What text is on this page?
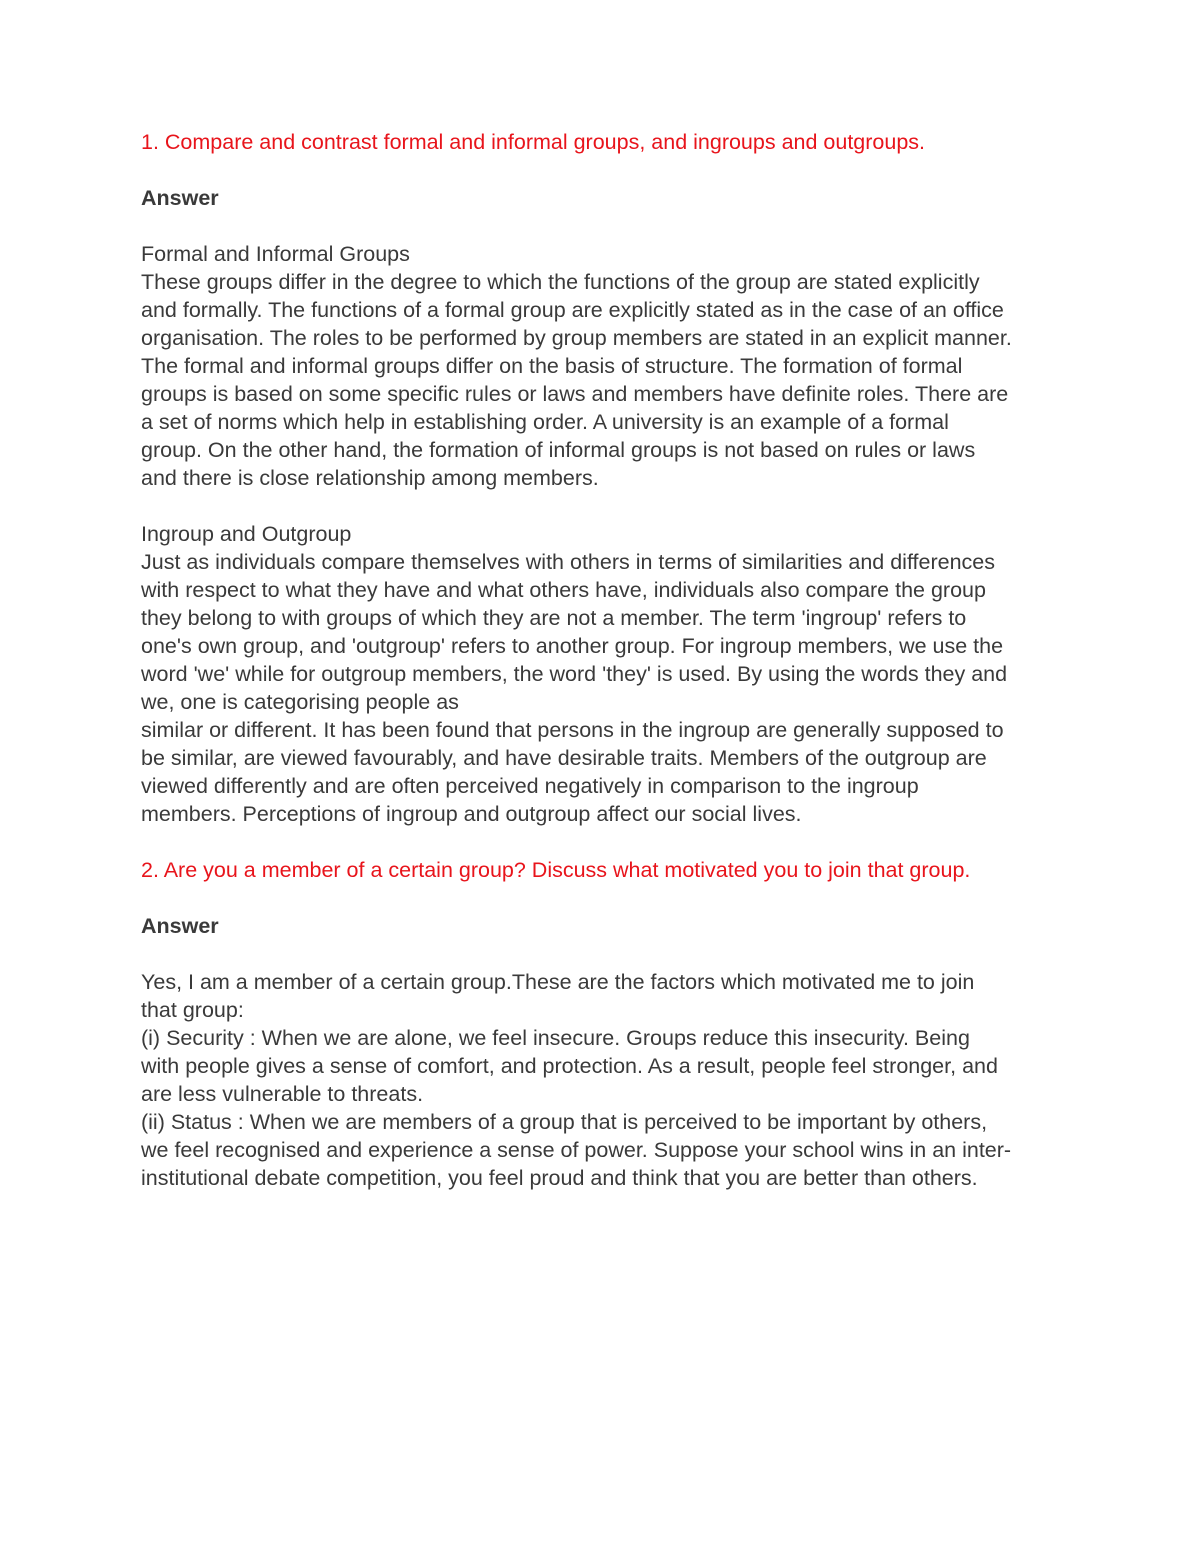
1. Compare and contrast formal and informal groups, and ingroups and outgroups.

Answer

Formal and Informal Groups

These groups differ in the degree to which the functions of the group are stated explicitly

and formally. The functions of a formal group are explicitly stated as in the case of an office

organisation. The roles to be performed by group members are stated in an explicit manner.

The formal and informal groups differ on the basis of structure. The formation of formal

groups is based on some specific rules or laws and members have definite roles. There are

a set of norms which help in establishing order. A university is an example of a formal

group. On the other hand, the formation of informal groups is not based on rules or laws

and there is close relationship among members.

Ingroup and Outgroup

Just as individuals compare themselves with others in terms of similarities and differences

with respect to what they have and what others have, individuals also compare the group

they belong to with groups of which they are not a member. The term 'ingroup' refers to

one's own group, and 'outgroup' refers to another group. For ingroup members, we use the

word 'we' while for outgroup members, the word 'they' is used. By using the words they and

we, one is categorising people as

similar or different. It has been found that persons in the ingroup are generally supposed to

be similar, are viewed favourably, and have desirable traits. Members of the outgroup are

viewed differently and are often perceived negatively in comparison to the ingroup

members. Perceptions of ingroup and outgroup affect our social lives.

2. Are you a member of a certain group? Discuss what motivated you to join that group.

Answer

Yes, I am a member of a certain group.These are the factors which motivated me to join

that group:

(i) Security : When we are alone, we feel insecure. Groups reduce this insecurity. Being

with people gives a sense of comfort, and protection. As a result, people feel stronger, and

are less vulnerable to threats.

(ii) Status : When we are members of a group that is perceived to be important by others,

we feel recognised and experience a sense of power. Suppose your school wins in an inter-

institutional debate competition, you feel proud and think that you are better than others.
